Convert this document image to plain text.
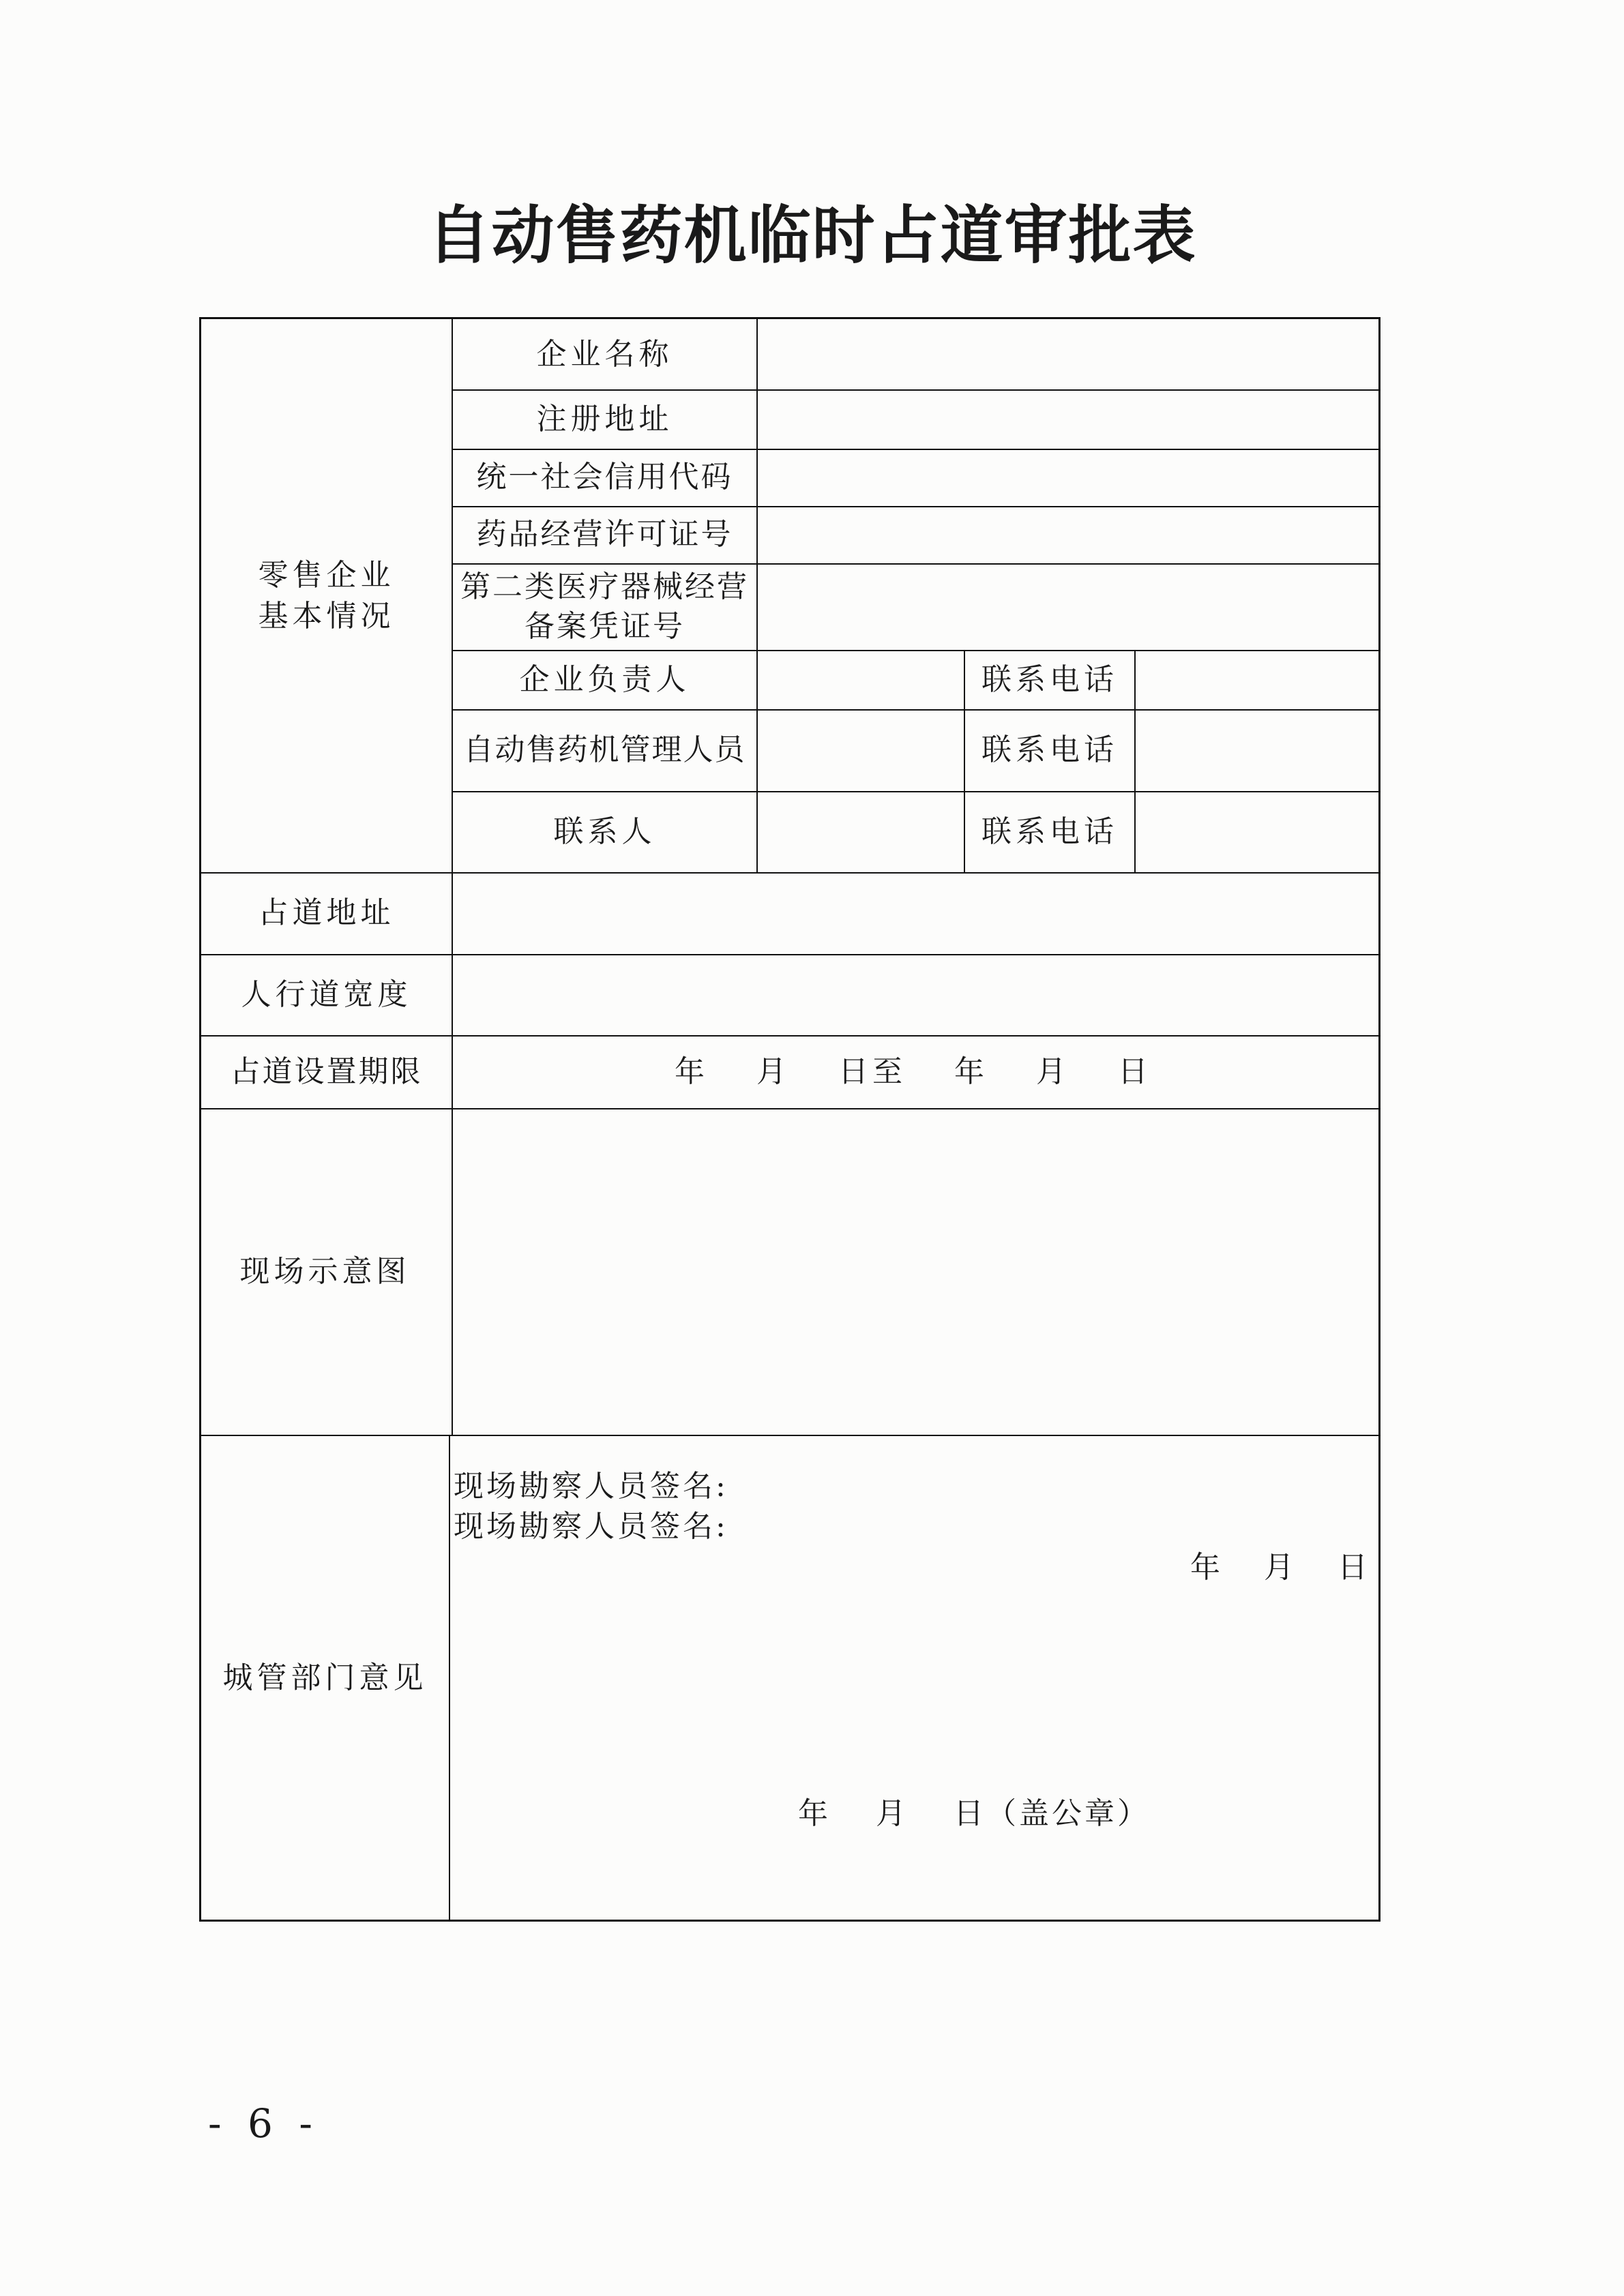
自动售药机临时占道审批表
零售企业
基本情况
占道地址
人行道宽度
占道设置期限
现场示意图
城管部门意见
企业名称
注册地址
统一社会信用代码
药品经营许可证号
第二类医疗器械经营
备案凭证号
企业负责人
自动售药机管理人员
联系人
联系电话
联系电话
联系电话
年　 月　 日至　 年　 月　 日
现场勘察人员签名:
现场勘察人员签名:
年　月　日
年　 月　 日（盖公章）
- 6 -
